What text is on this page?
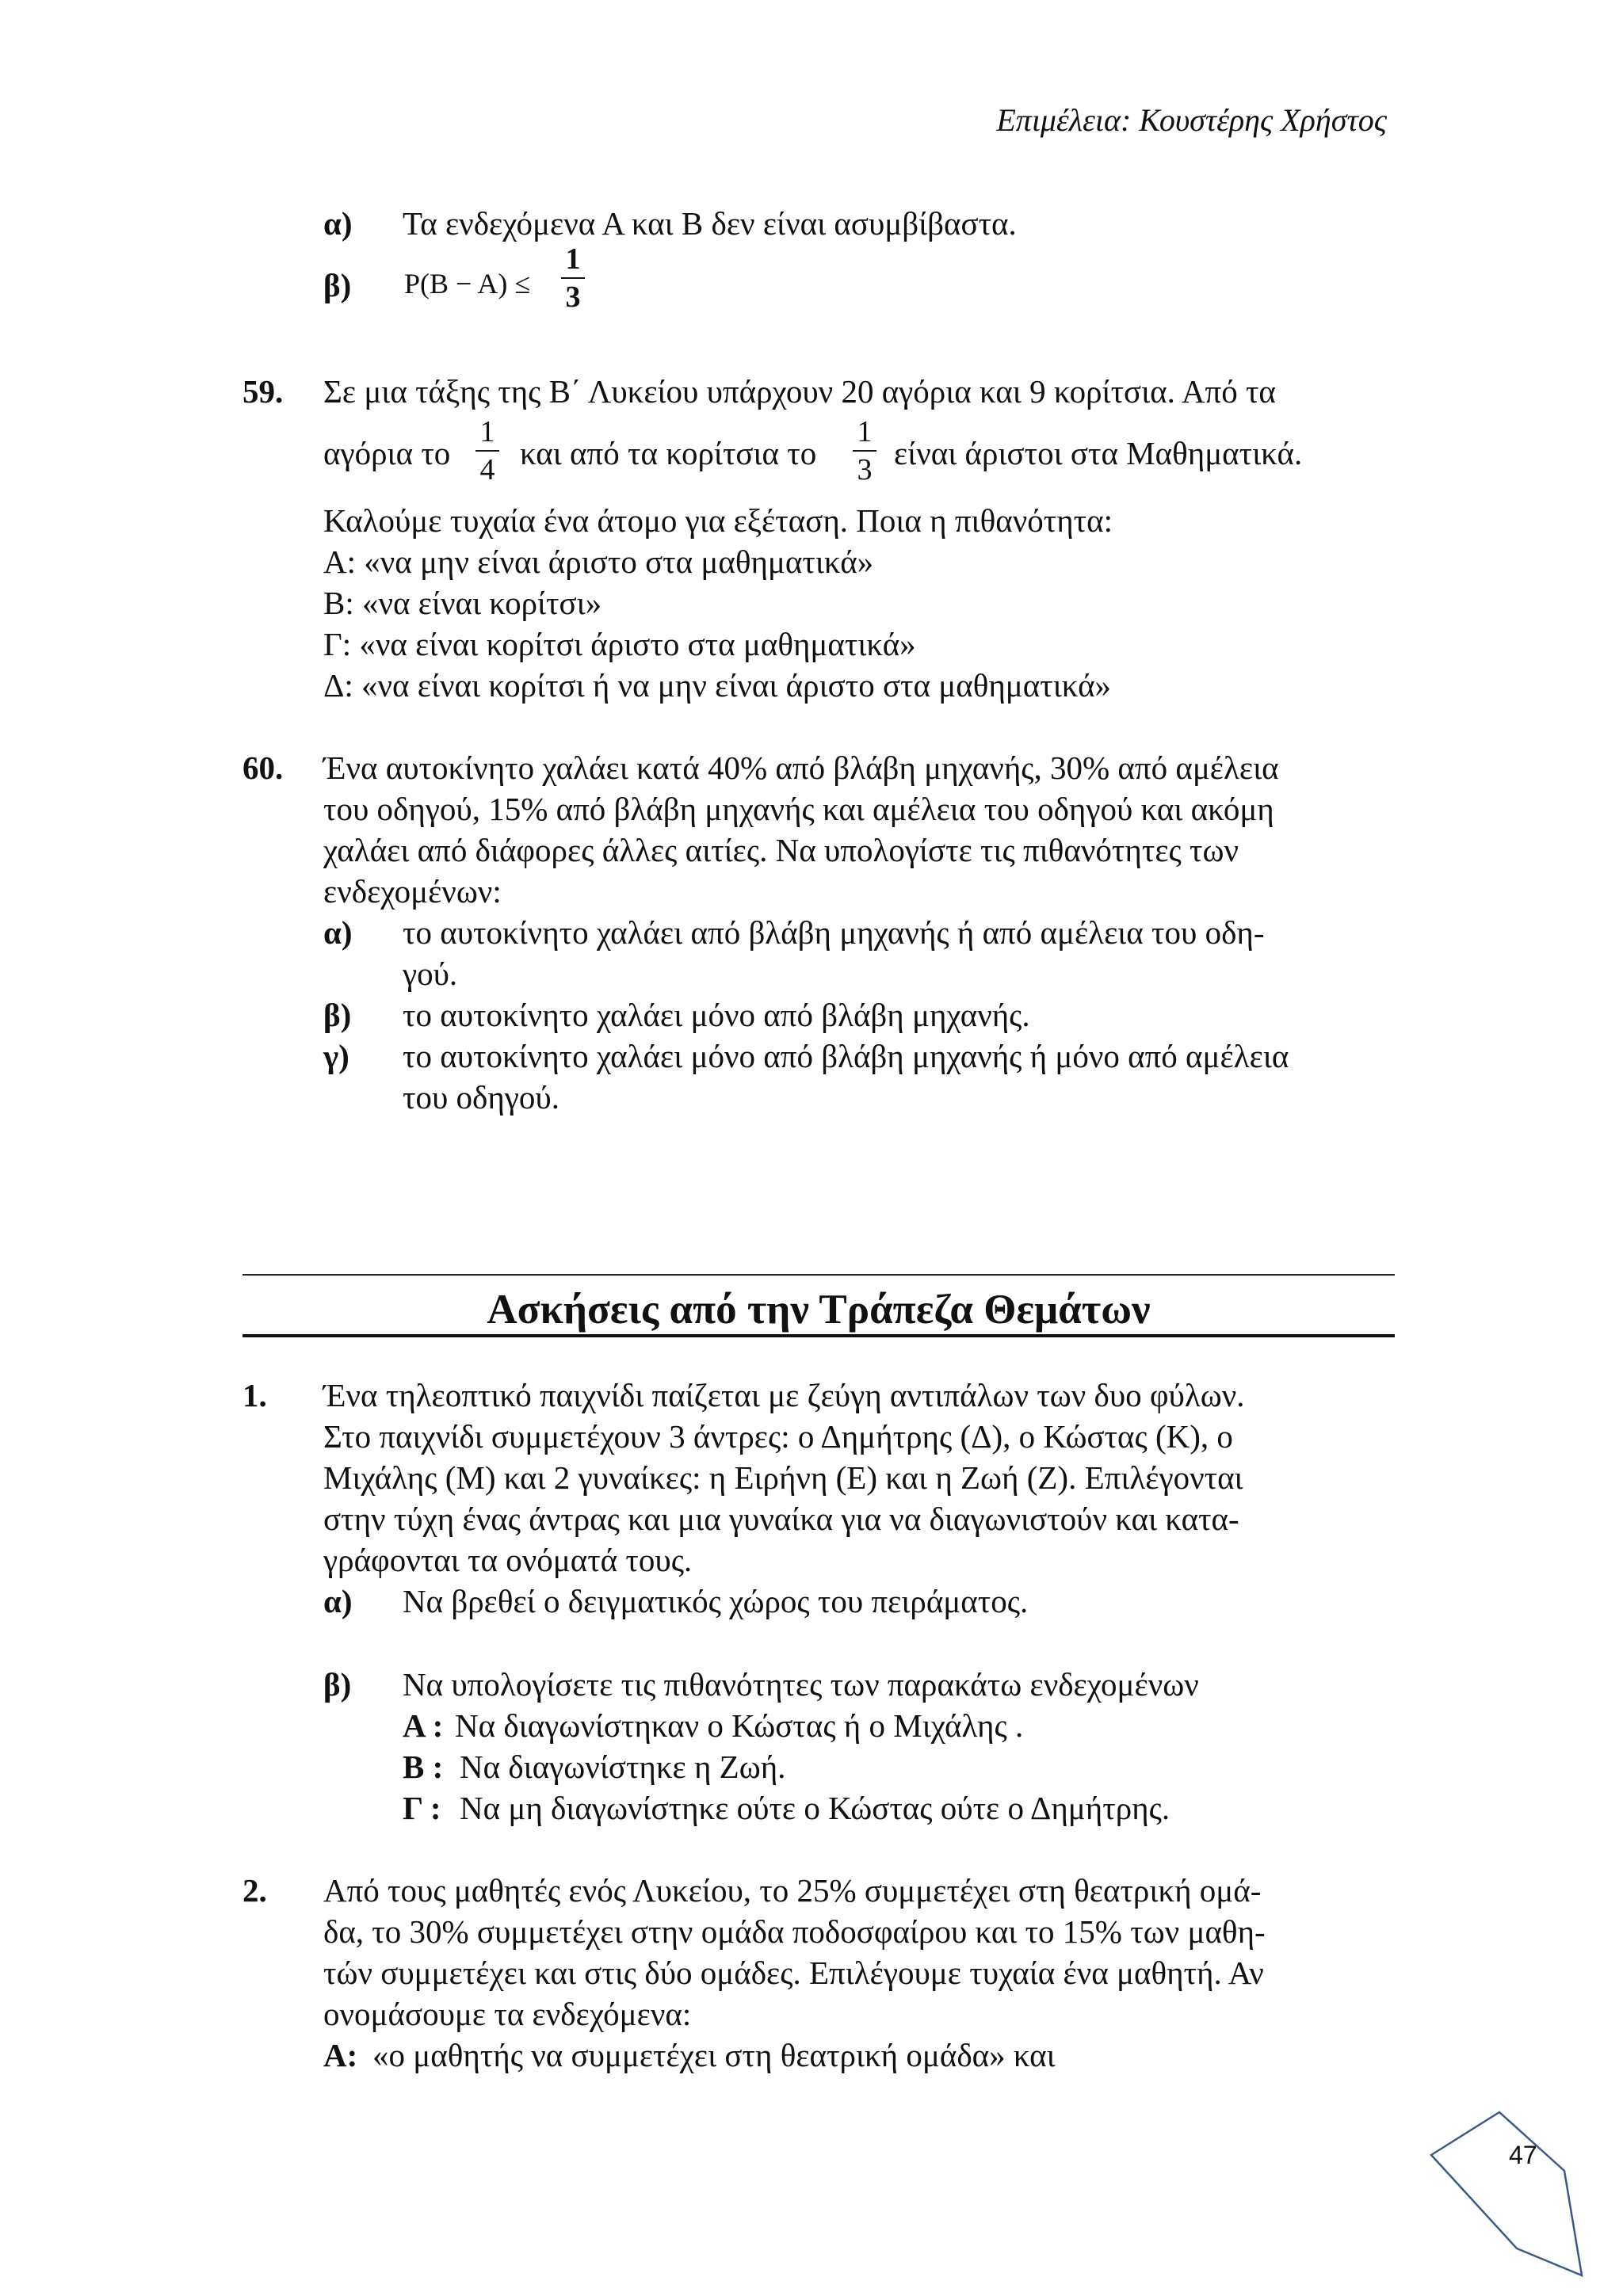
Επιμέλεια: Κουστέρης Χρήστος
α) Τα ενδεχόμενα Α και Β δεν είναι ασυμβίβαστα.
β) P(B − A) ≤
1
3
59. Σε μια τάξης της Β΄ Λυκείου υπάρχουν 20 αγόρια και 9 κορίτσια. Από τα
αγόρια το
1
4 και από τα κορίτσια το
1
3 είναι άριστοι στα Μαθηματικά.
Καλούμε τυχαία ένα άτομο για εξέταση. Ποια η πιθανότητα:
Α: «να μην είναι άριστο στα μαθηματικά»
Β: «να είναι κορίτσι»
Γ: «να είναι κορίτσι άριστο στα μαθηματικά»
Δ: «να είναι κορίτσι ή να μην είναι άριστο στα μαθηματικά»
60. Ένα αυτοκίνητο χαλάει κατά 40% από βλάβη μηχανής, 30% από αμέλεια
του οδηγού, 15% από βλάβη μηχανής και αμέλεια του οδηγού και ακόμη
χαλάει από διάφορες άλλες αιτίες. Να υπολογίστε τις πιθανότητες των
ενδεχομένων:
α) το αυτοκίνητο χαλάει από βλάβη μηχανής ή από αμέλεια του οδη-
γού.
β) το αυτοκίνητο χαλάει μόνο από βλάβη μηχανής.
γ) το αυτοκίνητο χαλάει μόνο από βλάβη μηχανής ή μόνο από αμέλεια
του οδηγού.
Ασκήσεις από την Τράπεζα Θεμάτων
1. Ένα τηλεοπτικό παιχνίδι παίζεται με ζεύγη αντιπάλων των δυο φύλων.
Στο παιχνίδι συμμετέχουν 3 άντρες: ο Δημήτρης (Δ), ο Κώστας (Κ), ο
Μιχάλης (Μ) και 2 γυναίκες: η Ειρήνη (Ε) και η Ζωή (Ζ). Επιλέγονται
στην τύχη ένας άντρας και μια γυναίκα για να διαγωνιστούν και κατα-
γράφονται τα ονόματά τους.
α) Να βρεθεί ο δειγματικός χώρος του πειράματος.
β) Να υπολογίσετε τις πιθανότητες των παρακάτω ενδεχομένων
Α : Να διαγωνίστηκαν ο Κώστας ή ο Μιχάλης .
Β : Να διαγωνίστηκε η Ζωή.
Γ : Να μη διαγωνίστηκε ούτε ο Κώστας ούτε ο Δημήτρης.
2. Από τους μαθητές ενός Λυκείου, το 25% συμμετέχει στη θεατρική ομά-
δα, το 30% συμμετέχει στην ομάδα ποδοσφαίρου και το 15% των μαθη-
τών συμμετέχει και στις δύο ομάδες. Επιλέγουμε τυχαία ένα μαθητή. Αν
ονομάσουμε τα ενδεχόμενα:
Α: «ο μαθητής να συμμετέχει στη θεατρική ομάδα» και
47
